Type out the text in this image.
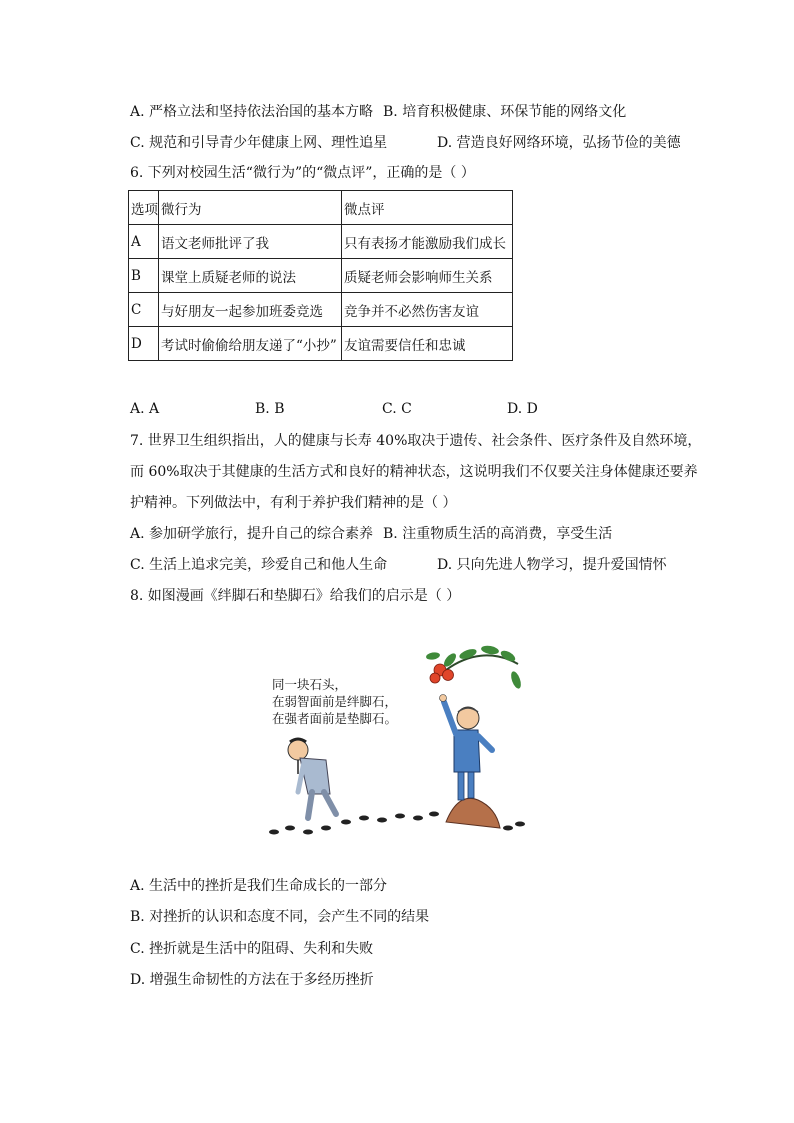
A. 严格立法和坚持依法治国的基本方略 B. 培育积极健康、环保节能的网络文化
C. 规范和引导青少年健康上网、理性追星	D. 营造良好网络环境，弘扬节俭的美德
6. 下列对校园生活“微行为”的“微点评”，正确的是（ ）
选项	微行为	微点评
A	语文老师批评了我	只有表扬才能激励我们成长
B	课堂上质疑老师的说法	质疑老师会影响师生关系
C	与好朋友一起参加班委竞选	竞争并不必然伤害友谊
D	考试时偷偷给朋友递了“小抄”	友谊需要信任和忠诚
A. A	B. B	C. C	D. D
7. 世界卫生组织指出，人的健康与长寿 40%取决于遗传、社会条件、医疗条件及自然环境，
而 60%取决于其健康的生活方式和良好的精神状态，这说明我们不仅要关注身体健康还要养
护精神。下列做法中，有利于养护我们精神的是（ ）
A. 参加研学旅行，提升自己的综合素养 B. 注重物质生活的高消费，享受生活
C. 生活上追求完美，珍爱自己和他人生命	D. 只向先进人物学习，提升爱国情怀
8. 如图漫画《绊脚石和垫脚石》给我们的启示是（ ）
同一块石头，
在弱智面前是绊脚石，
在强者面前是垫脚石。
A. 生活中的挫折是我们生命成长的一部分
B. 对挫折的认识和态度不同，会产生不同的结果
C. 挫折就是生活中的阻碍、失利和失败
D. 增强生命韧性的方法在于多经历挫折
